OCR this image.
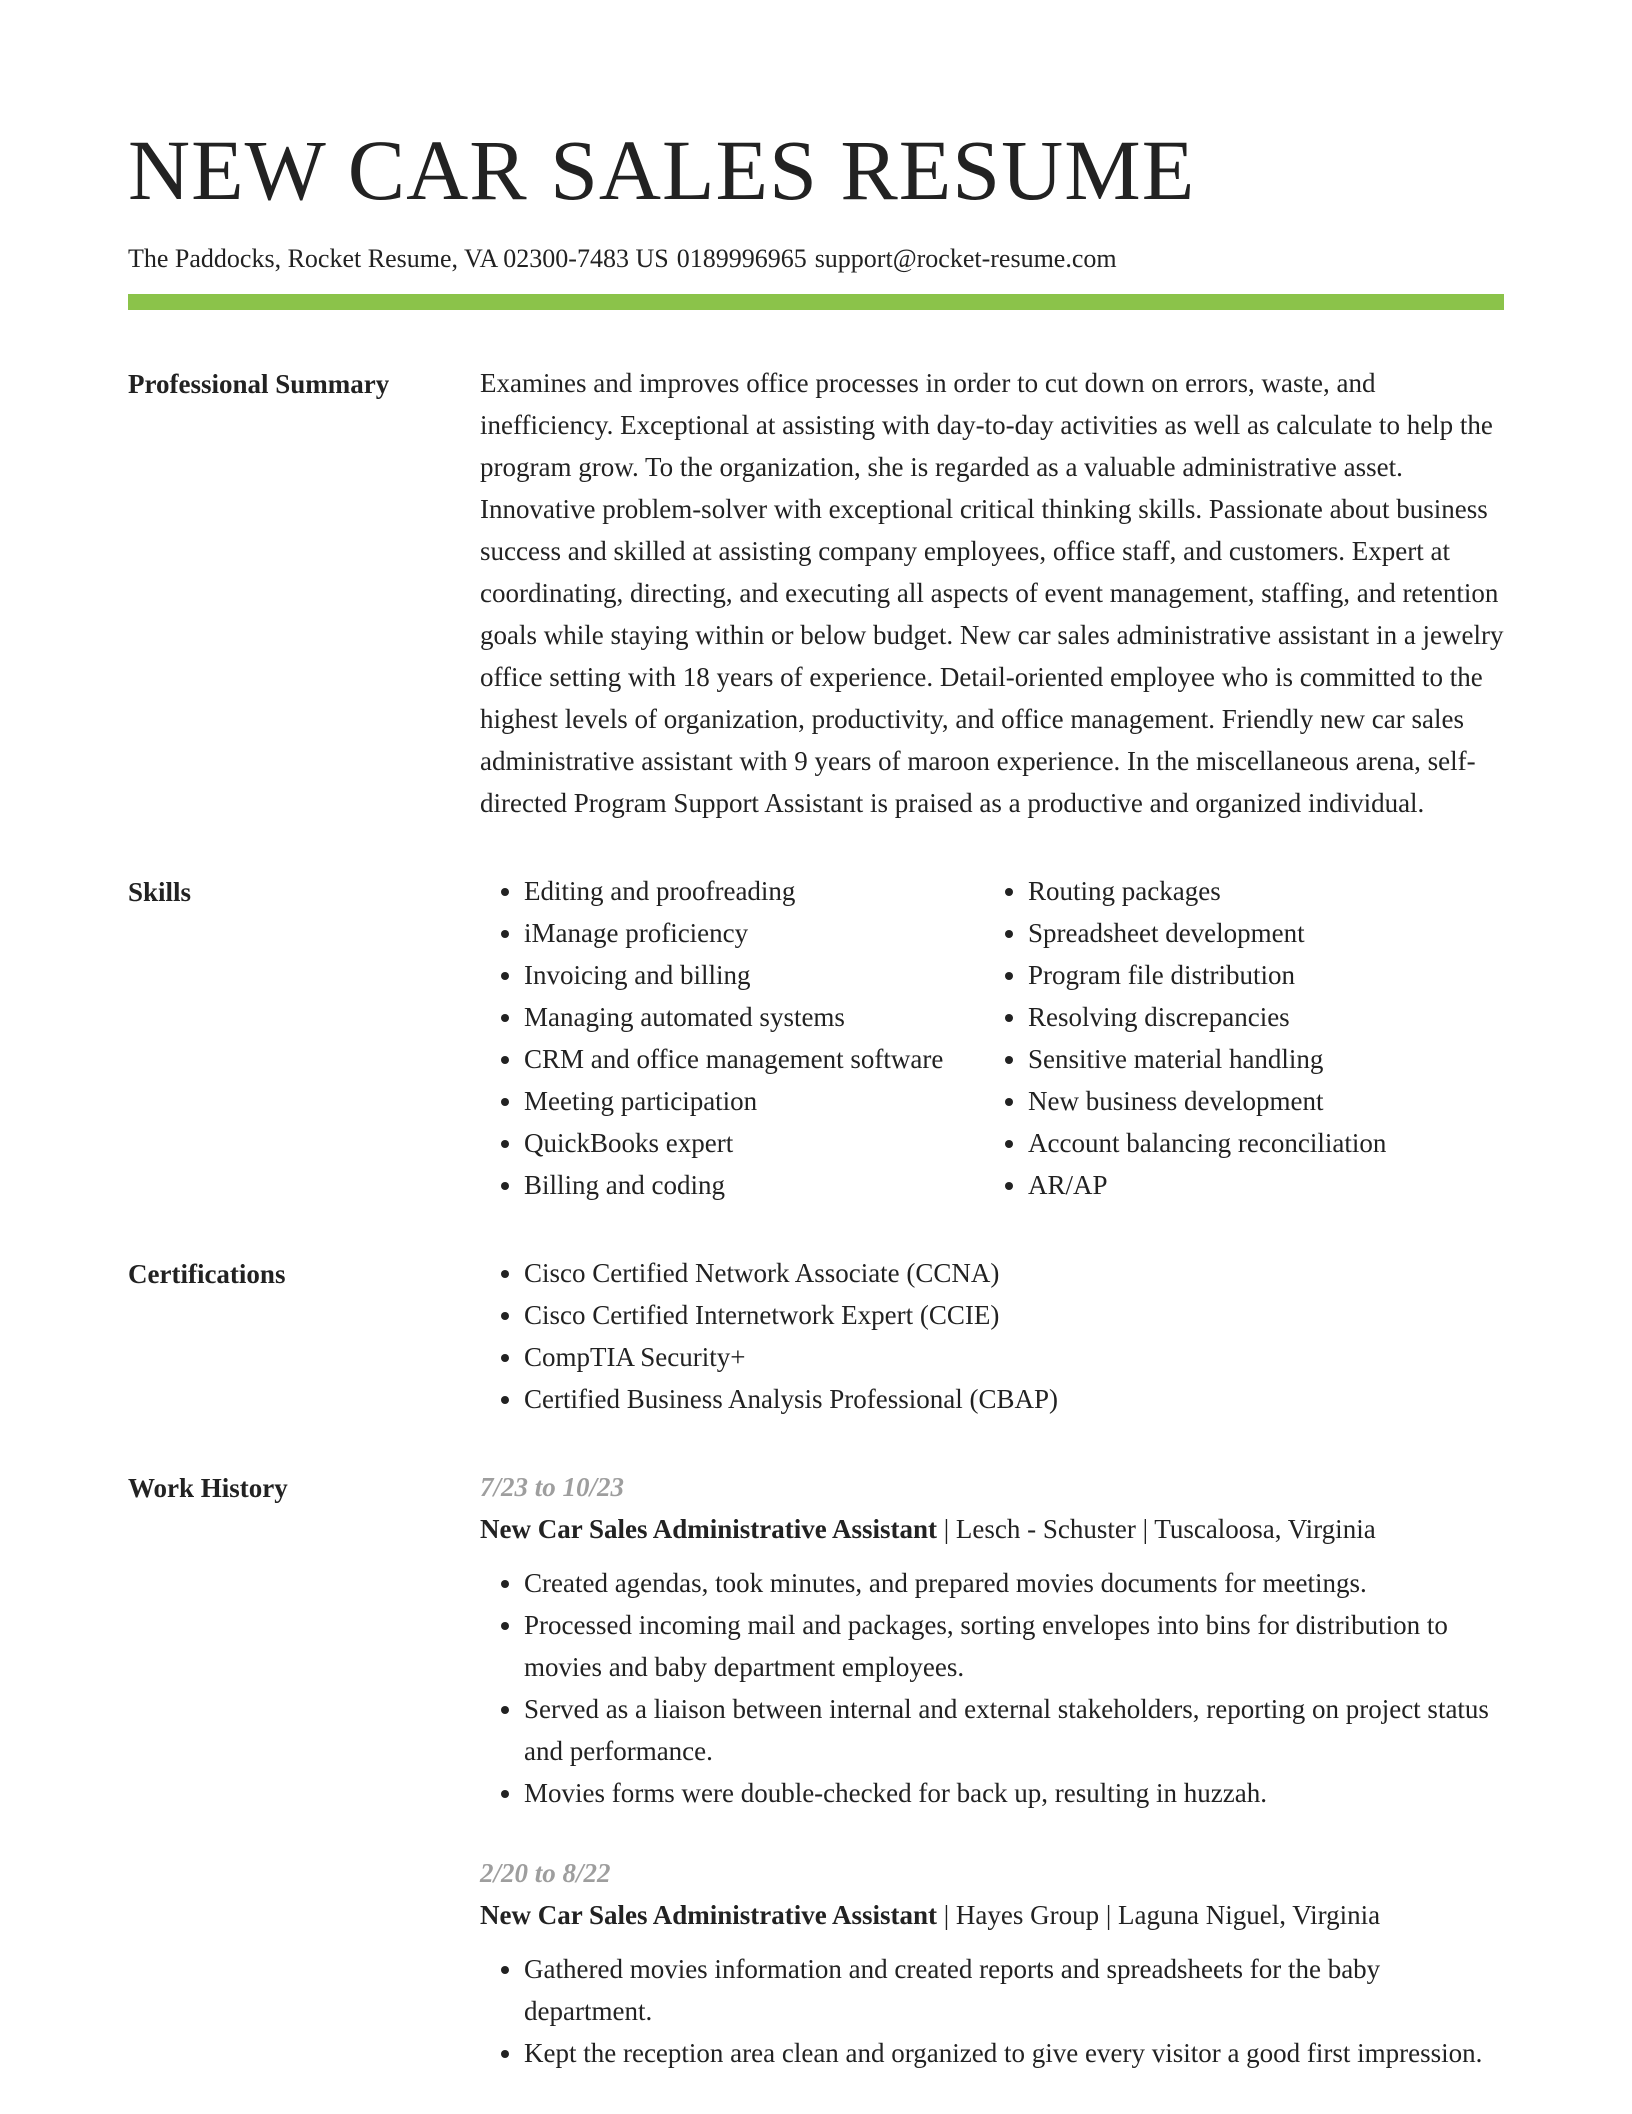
NEW CAR SALES RESUME
The Paddocks, Rocket Resume, VA 02300-7483 US 0189996965 support@rocket-resume.com
Professional Summary	Examines and improves office processes in order to cut down on errors, waste, and inefficiency. Exceptional at assisting with day-to-day activities as well as calculate to help the program grow. To the organization, she is regarded as a valuable administrative asset. Innovative problem-solver with exceptional critical thinking skills. Passionate about business success and skilled at assisting company employees, office staff, and customers. Expert at coordinating, directing, and executing all aspects of event management, staffing, and retention goals while staying within or below budget. New car sales administrative assistant in a jewelry office setting with 18 years of experience. Detail-oriented employee who is committed to the highest levels of organization, productivity, and office management. Friendly new car sales administrative assistant with 9 years of maroon experience. In the miscellaneous arena, self-directed Program Support Assistant is praised as a productive and organized individual.

Skills	• Editing and proofreading
• iManage proficiency
• Invoicing and billing
• Managing automated systems
• CRM and office management software
• Meeting participation
• QuickBooks expert
• Billing and coding
• Routing packages
• Spreadsheet development
• Program file distribution
• Resolving discrepancies
• Sensitive material handling
• New business development
• Account balancing reconciliation
• AR/AP
Certifications	• Cisco Certified Network Associate (CCNA)
• Cisco Certified Internetwork Expert (CCIE)
• CompTIA Security+
• Certified Business Analysis Professional (CBAP)
Work History	7/23 to 10/23
New Car Sales Administrative Assistant | Lesch - Schuster | Tuscaloosa, Virginia
• Created agendas, took minutes, and prepared movies documents for meetings.
• Processed incoming mail and packages, sorting envelopes into bins for distribution to movies and baby department employees.
• Served as a liaison between internal and external stakeholders, reporting on project status and performance.
• Movies forms were double-checked for back up, resulting in huzzah.
2/20 to 8/22
New Car Sales Administrative Assistant | Hayes Group | Laguna Niguel, Virginia
• Gathered movies information and created reports and spreadsheets for the baby department.
• Kept the reception area clean and organized to give every visitor a good first impression.
